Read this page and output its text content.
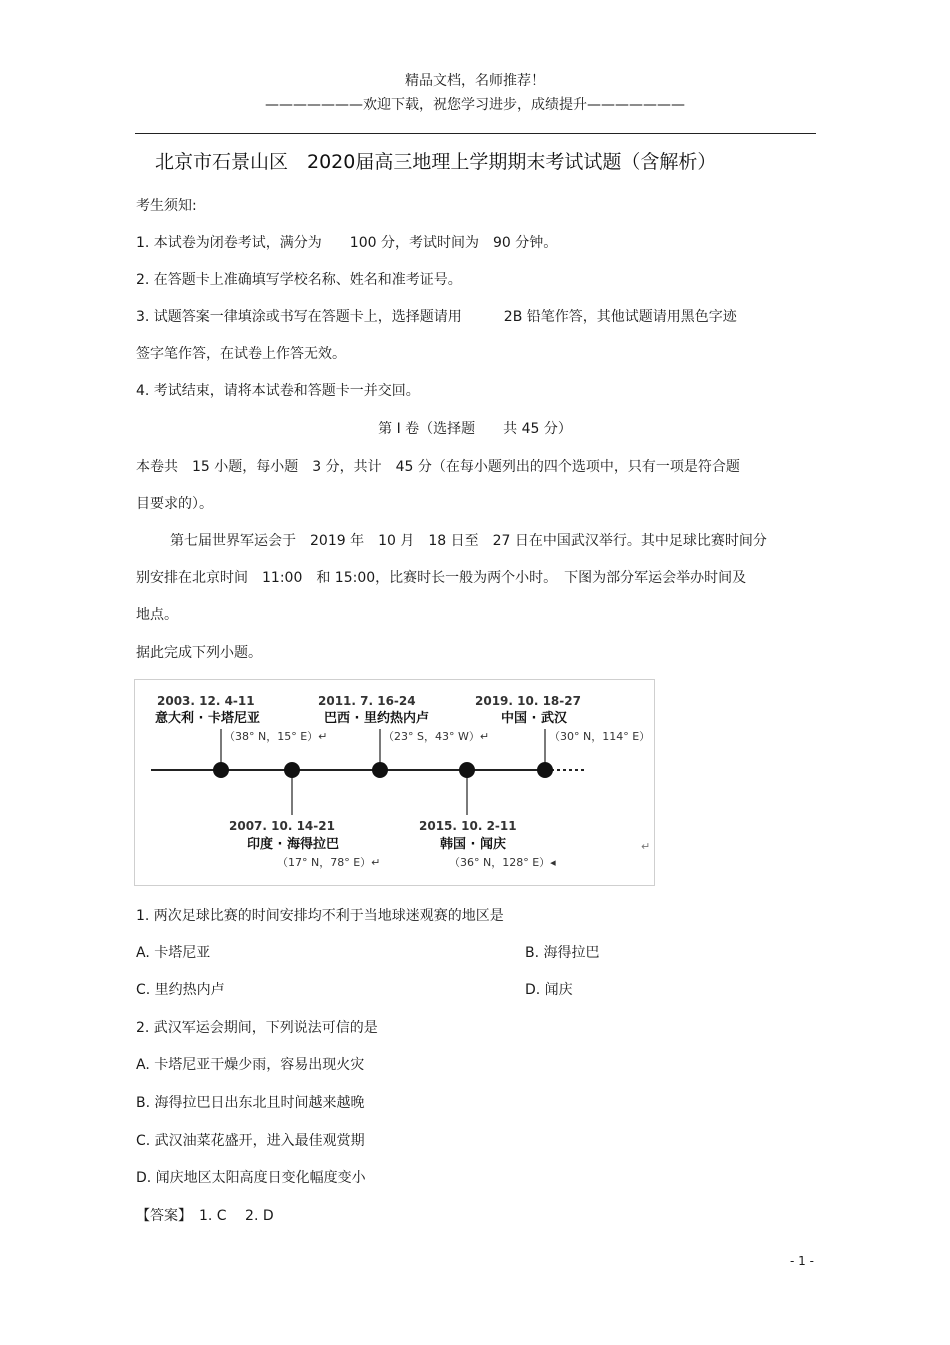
精品文档，名师推荐！
———————欢迎下载，祝您学习进步，成绩提升———————
北京市石景山区　2020届高三地理上学期期末考试试题（含解析）
考生须知:
1. 本试卷为闭卷考试，满分为　　100 分，考试时间为　90 分钟。
2. 在答题卡上准确填写学校名称、姓名和准考证号。
3. 试题答案一律填涂或书写在答题卡上，选择题请用　　　2B 铅笔作答，其他试题请用黑色字迹
签字笔作答，在试卷上作答无效。
4. 考试结束，请将本试卷和答题卡一并交回。
第 I 卷（选择题　　共 45 分）
本卷共　15 小题，每小题　3 分，共计　45 分（在每小题列出的四个选项中，只有一项是符合题
目要求的）。
第七届世界军运会于　2019 年　10 月　18 日至　27 日在中国武汉举行。其中足球比赛时间分
别安排在北京时间　11:00　和 15:00，比赛时长一般为两个小时。　下图为部分军运会举办时间及
地点。
据此完成下列小题。
2003. 12. 4-11
意大利 · 卡塔尼亚
（38° N，15° E）↵
2007. 10. 14-21
印度 · 海得拉巴
（17° N，78° E）↵
2011. 7. 16-24
巴西 · 里约热内卢
（23° S，43° W）↵
2015. 10. 2-11
韩国 · 闻庆
（36° N，128° E）◂
2019. 10. 18-27
中国 · 武汉
（30° N，114° E）
↵
1. 两次足球比赛的时间安排均不利于当地球迷观赛的地区是
A. 卡塔尼亚	B. 海得拉巴
C. 里约热内卢	D. 闻庆
2. 武汉军运会期间，下列说法可信的是
A. 卡塔尼亚干燥少雨，容易出现火灾
B. 海得拉巴日出东北且时间越来越晚
C. 武汉油菜花盛开，进入最佳观赏期
D. 闻庆地区太阳高度日变化幅度变小
【答案】　1. C　 2. D
- 1 -
